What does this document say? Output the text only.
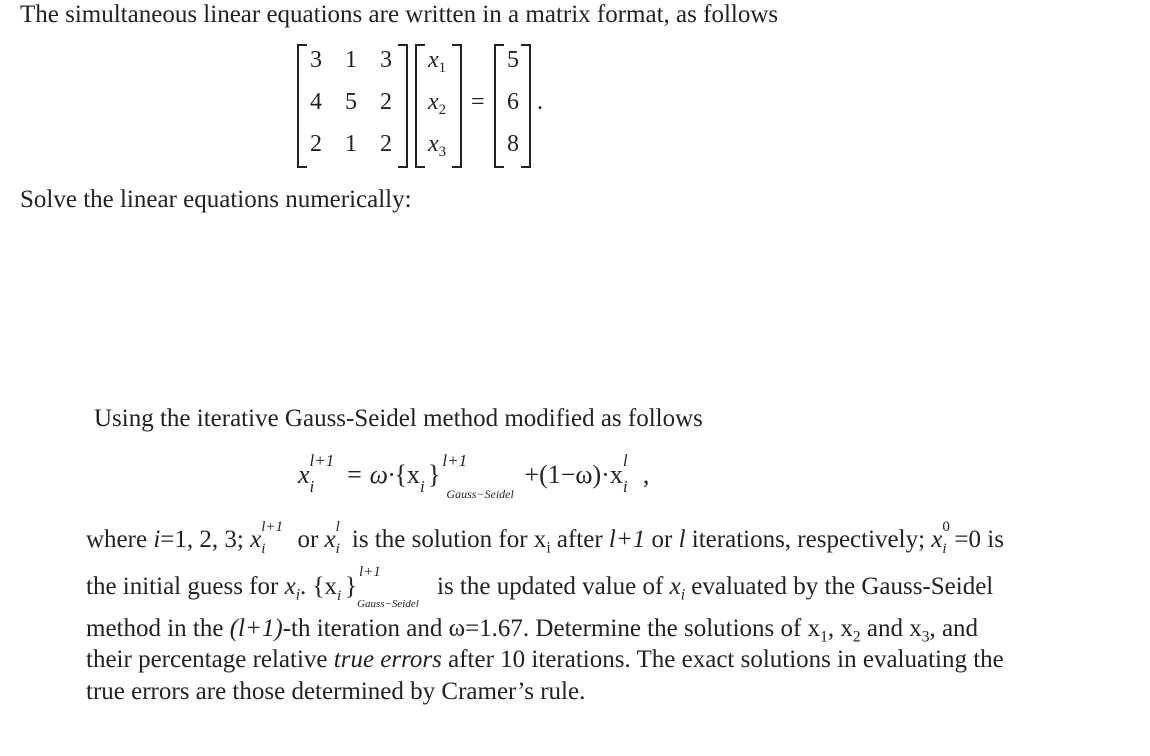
The simultaneous linear equations are written in a matrix format, as follows
3 1 3
4 5 2
2 1 2
$x_1$
$x_2$
$x_3$
=
5
6
8
.
Solve the linear equations numerically:
Using the iterative Gauss-Seidel method modified as follows
x l+1
i = ω·{x i } l+1
Gauss−Seidel
+(1−ω)·x l
i ,
where i=1, 2, 3; x l+1
i or x l
i is the solution for $x_i$ after l+1 or l iterations, respectively; x 0
i =0 is
the initial guess for $x_i$. {x i }
l+1
Gauss−Seidel
is the updated value of $x_i$ evaluated by the Gauss-Seidel
method in the (l+1)-th iteration and ω=1.67. Determine the solutions of $x_1$, $x_2$ and $x_3$, and
their percentage relative true errors after 10 iterations. The exact solutions in evaluating the
true errors are those determined by Cramer’s rule.
